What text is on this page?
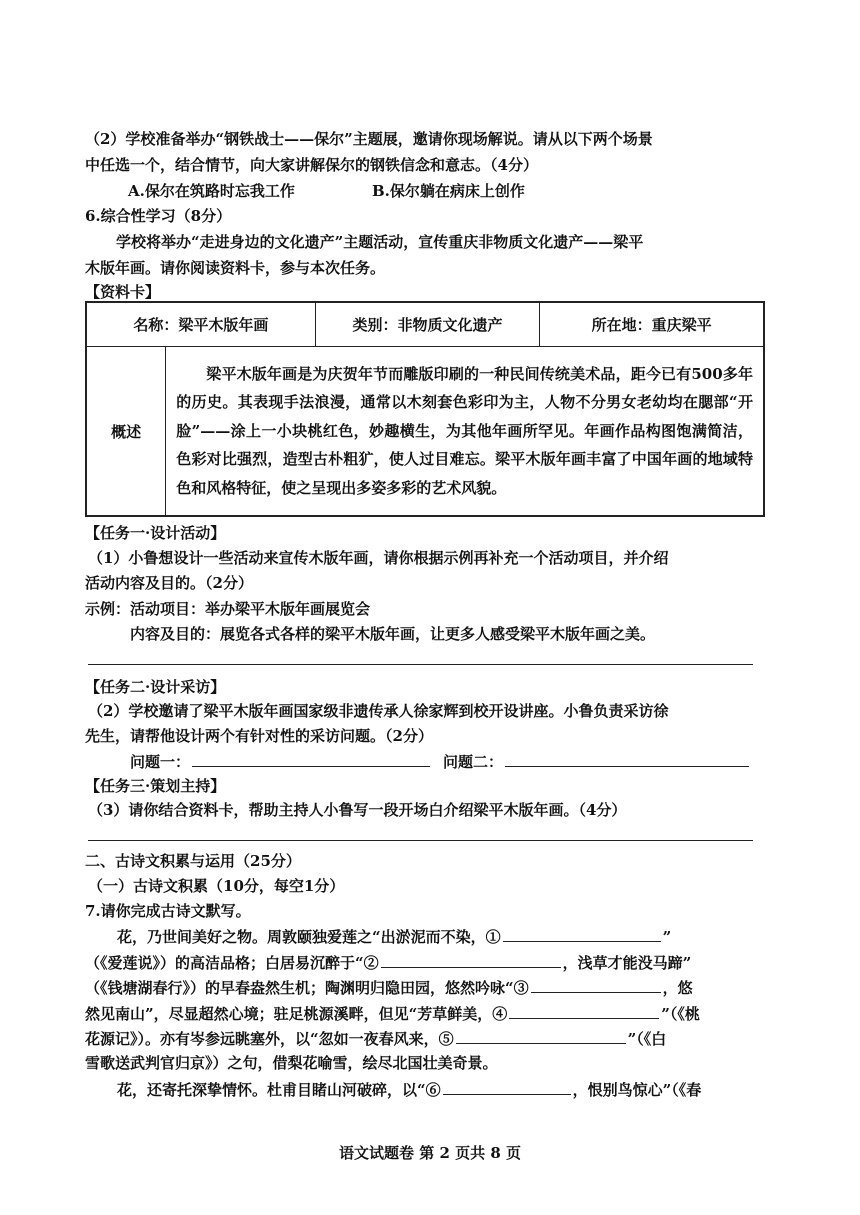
（2）学校准备举办“钢铁战士——保尔”主题展，邀请你现场解说。请从以下两个场景
中任选一个，结合情节，向大家讲解保尔的钢铁信念和意志。（4分）
A.保尔在筑路时忘我工作	B.保尔躺在病床上创作
6.综合性学习（8分）
学校将举办“走进身边的文化遗产”主题活动，宣传重庆非物质文化遗产——梁平
木版年画。请你阅读资料卡，参与本次任务。
【资料卡】
名称：梁平木版年画		类别：非物质文化遗产	所在地：重庆梁平
概述	梁平木版年画是为庆贺年节而雕版印刷的一种民间传统美术品，距今已有500多年的历史。其表现手法浪漫，通常以木刻套色彩印为主，人物不分男女老幼均在腮部“开脸”——涂上一小块桃红色，妙趣横生，为其他年画所罕见。年画作品构图饱满简洁，色彩对比强烈，造型古朴粗犷，使人过目难忘。梁平木版年画丰富了中国年画的地域特色和风格特征，使之呈现出多姿多彩的艺术风貌。		
【任务一·设计活动】
（1）小鲁想设计一些活动来宣传木版年画，请你根据示例再补充一个活动项目，并介绍
活动内容及目的。（2分）
示例：活动项目：举办梁平木版年画展览会
内容及目的：展览各式各样的梁平木版年画，让更多人感受梁平木版年画之美。
【任务二·设计采访】
（2）学校邀请了梁平木版年画国家级非遗传承人徐家辉到校开设讲座。小鲁负责采访徐
先生，请帮他设计两个有针对性的采访问题。（2分）
问题一：	问题二：
【任务三·策划主持】
（3）请你结合资料卡，帮助主持人小鲁写一段开场白介绍梁平木版年画。（4分）
二、古诗文积累与运用（25分）
（一）古诗文积累（10分，每空1分）
7.请你完成古诗文默写。
花，乃世间美好之物。周敦颐独爱莲之“出淤泥而不染，①	”
（《爱莲说》）的高洁品格；白居易沉醉于“②	，浅草才能没马蹄”
（《钱塘湖春行》）的早春盎然生机；陶渊明归隐田园，悠然吟咏“③	，悠
然见南山”，尽显超然心境；驻足桃源溪畔，但见“芳草鲜美，④	”（《桃
花源记》）。亦有岑参远眺塞外，以“忽如一夜春风来，⑤	”（《白
雪歌送武判官归京》）之句，借梨花喻雪，绘尽北国壮美奇景。
花，还寄托深挚情怀。杜甫目睹山河破碎，以“⑥	，恨别鸟惊心”（《春
语文试题卷 第 2 页共 8 页
